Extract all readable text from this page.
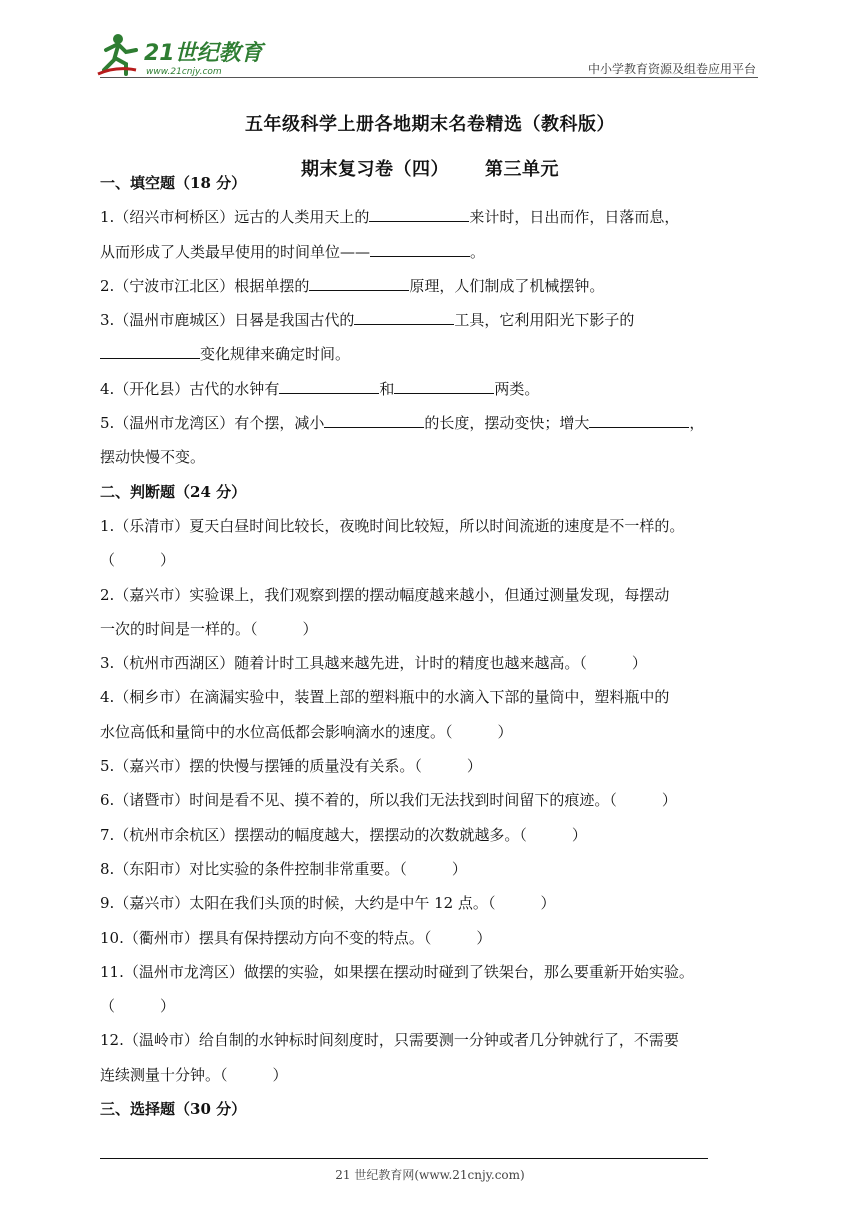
21世纪教育
www.21cnjy.com	中小学教育资源及组卷应用平台
五年级科学上册各地期末名卷精选（教科版）
期末复习卷（四） 第三单元
一、填空题（18 分）
1.（绍兴市柯桥区）远古的人类用天上的	来计时，日出而作，日落而息，
从而形成了人类最早使用的时间单位——	。
2.（宁波市江北区）根据单摆的	原理，人们制成了机械摆钟。
3.（温州市鹿城区）日晷是我国古代的	工具，它利用阳光下影子的
变化规律来确定时间。
4.（开化县）古代的水钟有	和	两类。
5.（温州市龙湾区）有个摆，减小	的长度，摆动变快；增大	，
摆动快慢不变。
二、判断题（24 分）
1.（乐清市）夏天白昼时间比较长，夜晚时间比较短，所以时间流逝的速度是不一样的。
（　　　）
2.（嘉兴市）实验课上，我们观察到摆的摆动幅度越来越小，但通过测量发现，每摆动
一次的时间是一样的。（　　　）
3.（杭州市西湖区）随着计时工具越来越先进，计时的精度也越来越高。（　　　）
4.（桐乡市）在滴漏实验中，装置上部的塑料瓶中的水滴入下部的量筒中，塑料瓶中的
水位高低和量筒中的水位高低都会影响滴水的速度。（　　　）
5.（嘉兴市）摆的快慢与摆锤的质量没有关系。（　　　）
6.（诸暨市）时间是看不见、摸不着的，所以我们无法找到时间留下的痕迹。（　　　）
7.（杭州市余杭区）摆摆动的幅度越大，摆摆动的次数就越多。（　　　）
8.（东阳市）对比实验的条件控制非常重要。（　　　）
9.（嘉兴市）太阳在我们头顶的时候，大约是中午 12 点。（　　　）
10.（衢州市）摆具有保持摆动方向不变的特点。（　　　）
11.（温州市龙湾区）做摆的实验，如果摆在摆动时碰到了铁架台，那么要重新开始实验。
（　　　）
12.（温岭市）给自制的水钟标时间刻度时，只需要测一分钟或者几分钟就行了，不需要
连续测量十分钟。（　　　）
三、选择题（30 分）
21 世纪教育网(www.21cnjy.com)
